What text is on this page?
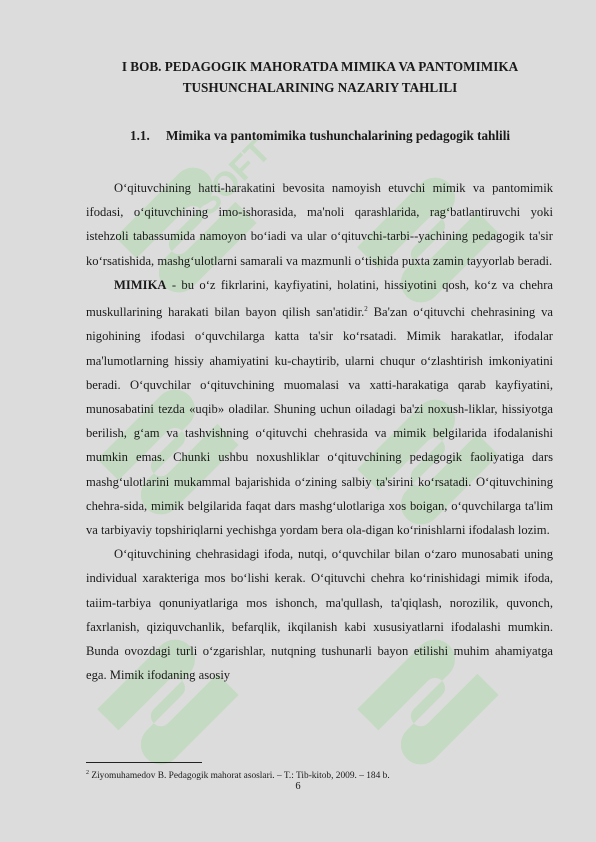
SOFT
I BOB. PEDAGOGIK MAHORATDA MIMIKA VA PANTOMIMIKA
TUSHUNCHALARINING NAZARIY TAHLILI
1.1. Mimika va pantomimika tushunchalarining pedagogik tahlili

O‘qituvchining hatti-harakatini bevosita namoyish etuvchi mimik va pantomimik ifodasi, o‘qituvchining imo-ishorasida, ma'noli qarashlarida, rag‘batlantiruvchi yoki istehzoli tabassumida namoyon bo‘iadi va ular o‘qituvchi-tarbi--yachining pedagogik ta'sir ko‘rsatishida, mashg‘ulotlarni samarali va mazmunli o‘tishida puxta zamin tayyorlab beradi.

MIMIKA - bu o‘z fikrlarini, kayfiyatini, holatini, hissiyotini qosh, ko‘z va chehra muskullarining harakati bilan bayon qilish san'atidir.$^2$ Ba'zan o‘qituvchi chehrasining va nigohining ifodasi o‘quvchilarga katta ta'sir ko‘rsatadi. Mimik harakatlar, ifodalar ma'lumotlarning hissiy ahamiyatini ku-chaytirib, ularni chuqur o‘zlashtirish imkoniyatini beradi. O‘quvchilar o‘qituvchining muomalasi va xatti-harakatiga qarab kayfiyatini, munosabatini tezda «uqib» oladilar. Shuning uchun oiladagi ba'zi noxush-liklar, hissiyotga berilish, g‘am va tashvishning o‘qituvchi chehrasida va mimik belgilarida ifodalanishi mumkin emas. Chunki ushbu noxushliklar o‘qituvchining pedagogik faoliyatiga dars mashg‘ulotlarini mukammal bajarishida o‘zining salbiy ta'sirini ko‘rsatadi. O‘qituvchining chehra-sida, mimik belgilarida faqat dars mashg‘ulotlariga xos boigan, o‘quvchilarga ta'lim va tarbiyaviy topshiriqlarni yechishga yordam bera ola-digan ko‘rinishlarni ifodalash lozim.

O‘qituvchining chehrasidagi ifoda, nutqi, o‘quvchilar bilan o‘zaro munosabati uning individual xarakteriga mos bo‘lishi kerak. O‘qituvchi chehra ko‘rinishidagi mimik ifoda, taiim-tarbiya qonuniyatlariga mos ishonch, ma'qullash, ta'qiqlash, norozilik, quvonch, faxrlanish, qiziquvchanlik, befarqlik, ikqilanish kabi xususiyatlarni ifodalashi mumkin. Bunda ovozdagi turli o‘zgarishlar, nutqning tushunarli bayon etilishi muhim ahamiyatga ega. Mimik ifodaning asosiy

$^2$ Ziyomuhamedov B. Pedagogik mahorat asoslari. – T.: Tib-kitob, 2009. – 184 b.
6
